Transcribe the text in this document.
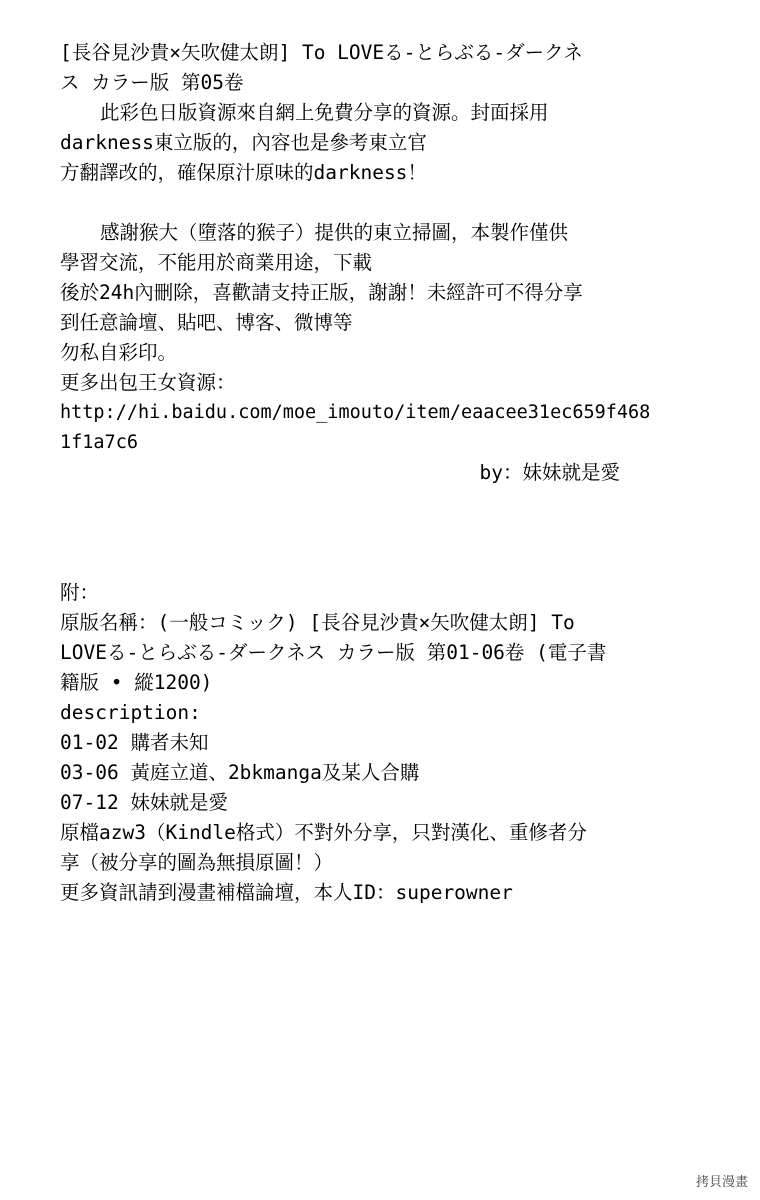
[長谷見沙貴×矢吹健太朗] To LOVEる-とらぶる-ダークネ
ス カラー版 第05卷
此彩色日版資源來自網上免費分享的資源。封面採用
darkness東立版的，內容也是參考東立官
方翻譯改的，確保原汁原味的darkness！
感謝猴大（墮落的猴子）提供的東立掃圖，本製作僅供
學習交流，不能用於商業用途，下載
後於24h內刪除，喜歡請支持正版，謝謝！未經許可不得分享
到任意論壇、貼吧、博客、微博等
勿私自彩印。
更多出包王女資源：
http://hi.baidu.com/moe_imouto/item/eaacee31ec659f468
1f1a7c6
by：妹妹就是愛
附：
原版名稱：(一般コミック) [長谷見沙貴×矢吹健太朗] To
LOVEる-とらぶる-ダークネス カラー版 第01-06卷 (電子書
籍版 • 縱1200)
description:
01-02 購者未知
03-06 黃庭立道、2bkmanga及某人合購
07-12 妹妹就是愛
原檔azw3（Kindle格式）不對外分享，只對漢化、重修者分
享（被分享的圖為無損原圖！）
更多資訊請到漫畫補檔論壇，本人ID：superowner
拷貝漫畫
